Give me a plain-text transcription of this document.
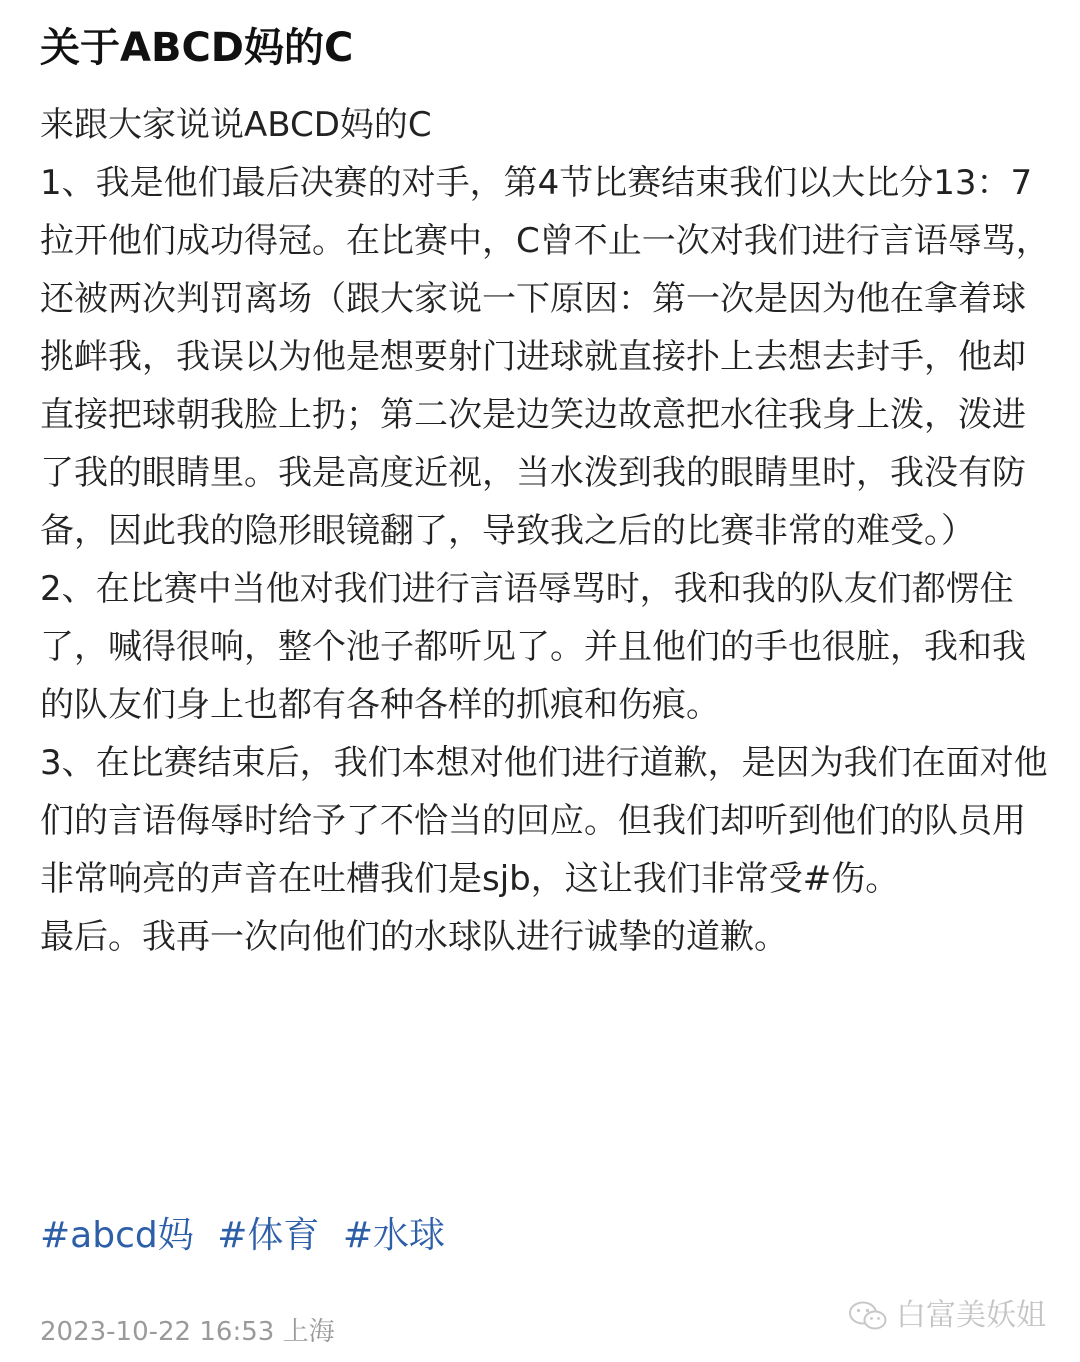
关于ABCD妈的C

来跟大家说说ABCD妈的C

1、我是他们最后决赛的对手，第4节比赛结束我们以大比分13：7拉开他们成功得冠。在比赛中，C曾不止一次对我们进行言语辱骂，还被两次判罚离场（跟大家说一下原因：第一次是因为他在拿着球挑衅我，我误以为他是想要射门进球就直接扑上去想去封手，他却直接把球朝我脸上扔；第二次是边笑边故意把水往我身上泼，泼进了我的眼睛里。我是高度近视，当水泼到我的眼睛里时，我没有防备，因此我的隐形眼镜翻了，导致我之后的比赛非常的难受。）

2、在比赛中当他对我们进行言语辱骂时，我和我的队友们都愣住了，喊得很响，整个池子都听见了。并且他们的手也很脏，我和我的队友们身上也都有各种各样的抓痕和伤痕。

3、在比赛结束后，我们本想对他们进行道歉，是因为我们在面对他们的言语侮辱时给予了不恰当的回应。但我们却听到他们的队员用非常响亮的声音在吐槽我们是sjb，这让我们非常受#伤。

最后。我再一次向他们的水球队进行诚挚的道歉。

#abcd妈 #体育 #水球
2023-10-22 16:53 上海	白富美妖姐
